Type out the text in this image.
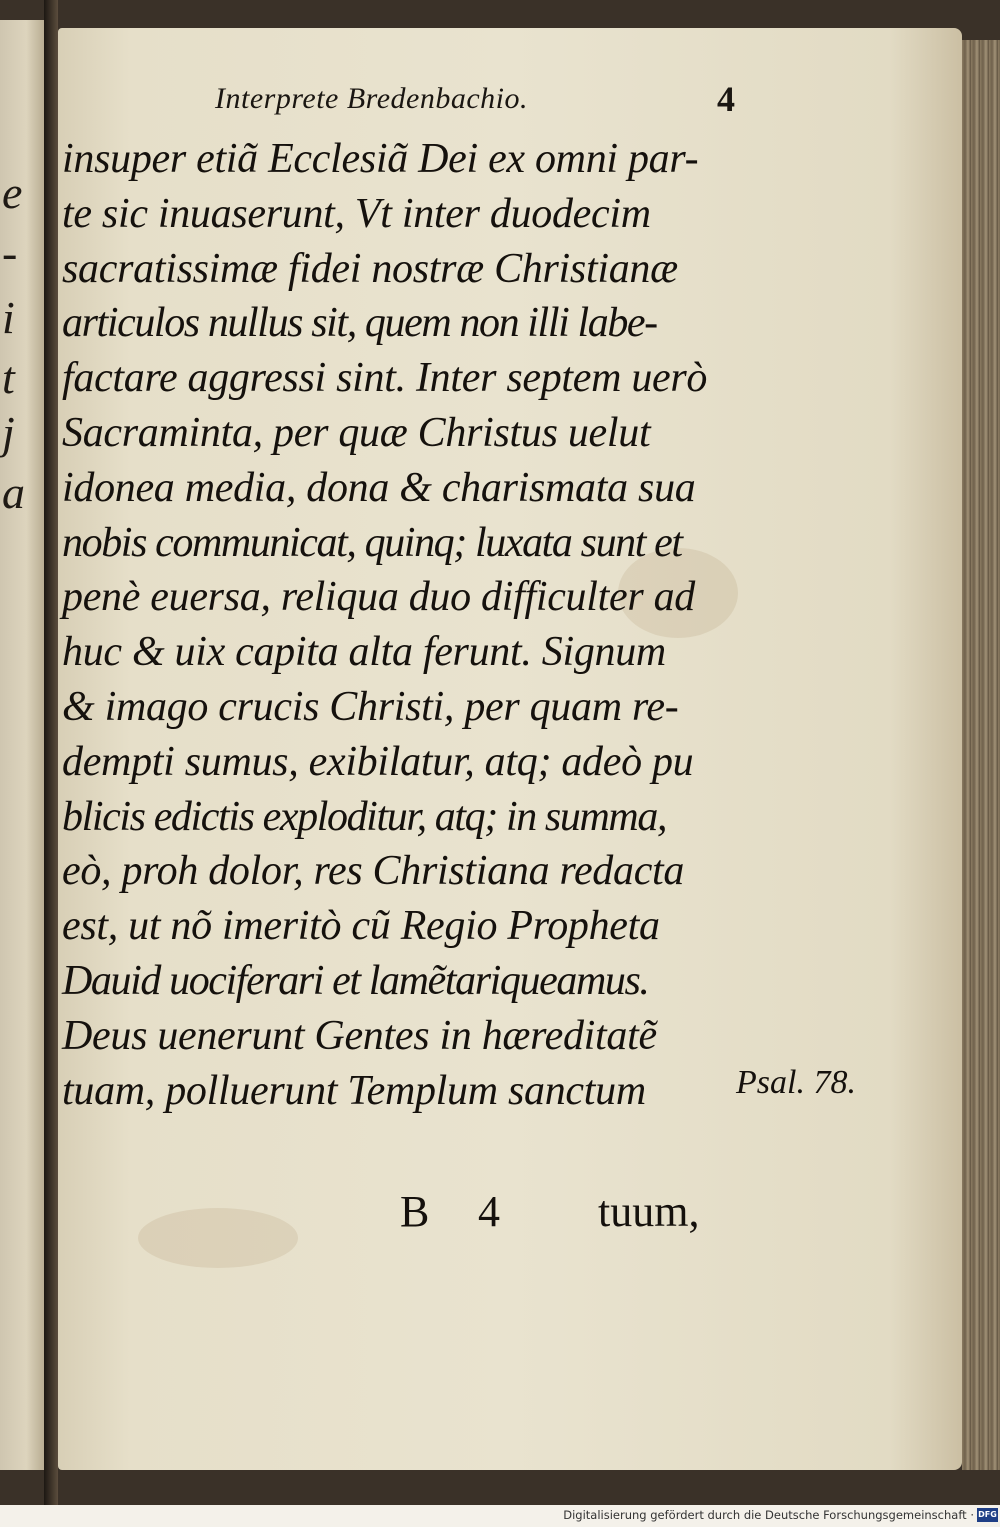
e
-
i
t
j
a
Interprete Bredenbachio.	4
insuper etiã Ecclesiã Dei ex omni par-
te sic inuaserunt, Vt inter duodecim
sacratissimæ fidei nostræ Christianæ
articulos nullus sit, quem non illi labe-
factare aggressi sint. Inter septem uerò
Sacraminta, per quæ Christus uelut
idonea media, dona & charismata sua
nobis communicat, quinq; luxata sunt et
penè euersa, reliqua duo difficulter ad
huc & uix capita alta ferunt. Signum
& imago crucis Christi, per quam re-
dempti sumus, exibilatur, atq; adeò pu
blicis edictis exploditur, atq; in summa,
eò, proh dolor, res Christiana redacta
est, ut nõ imeritò cũ Regio Propheta
Dauid uociferari et lamẽtariqueamus.
Deus uenerunt Gentes in hæreditatẽ
tuam, polluerunt Templum sanctum	Psal. 78.
B 4 tuum,
Digitalisierung gefördert durch die Deutsche Forschungsgemeinschaft · DFG
